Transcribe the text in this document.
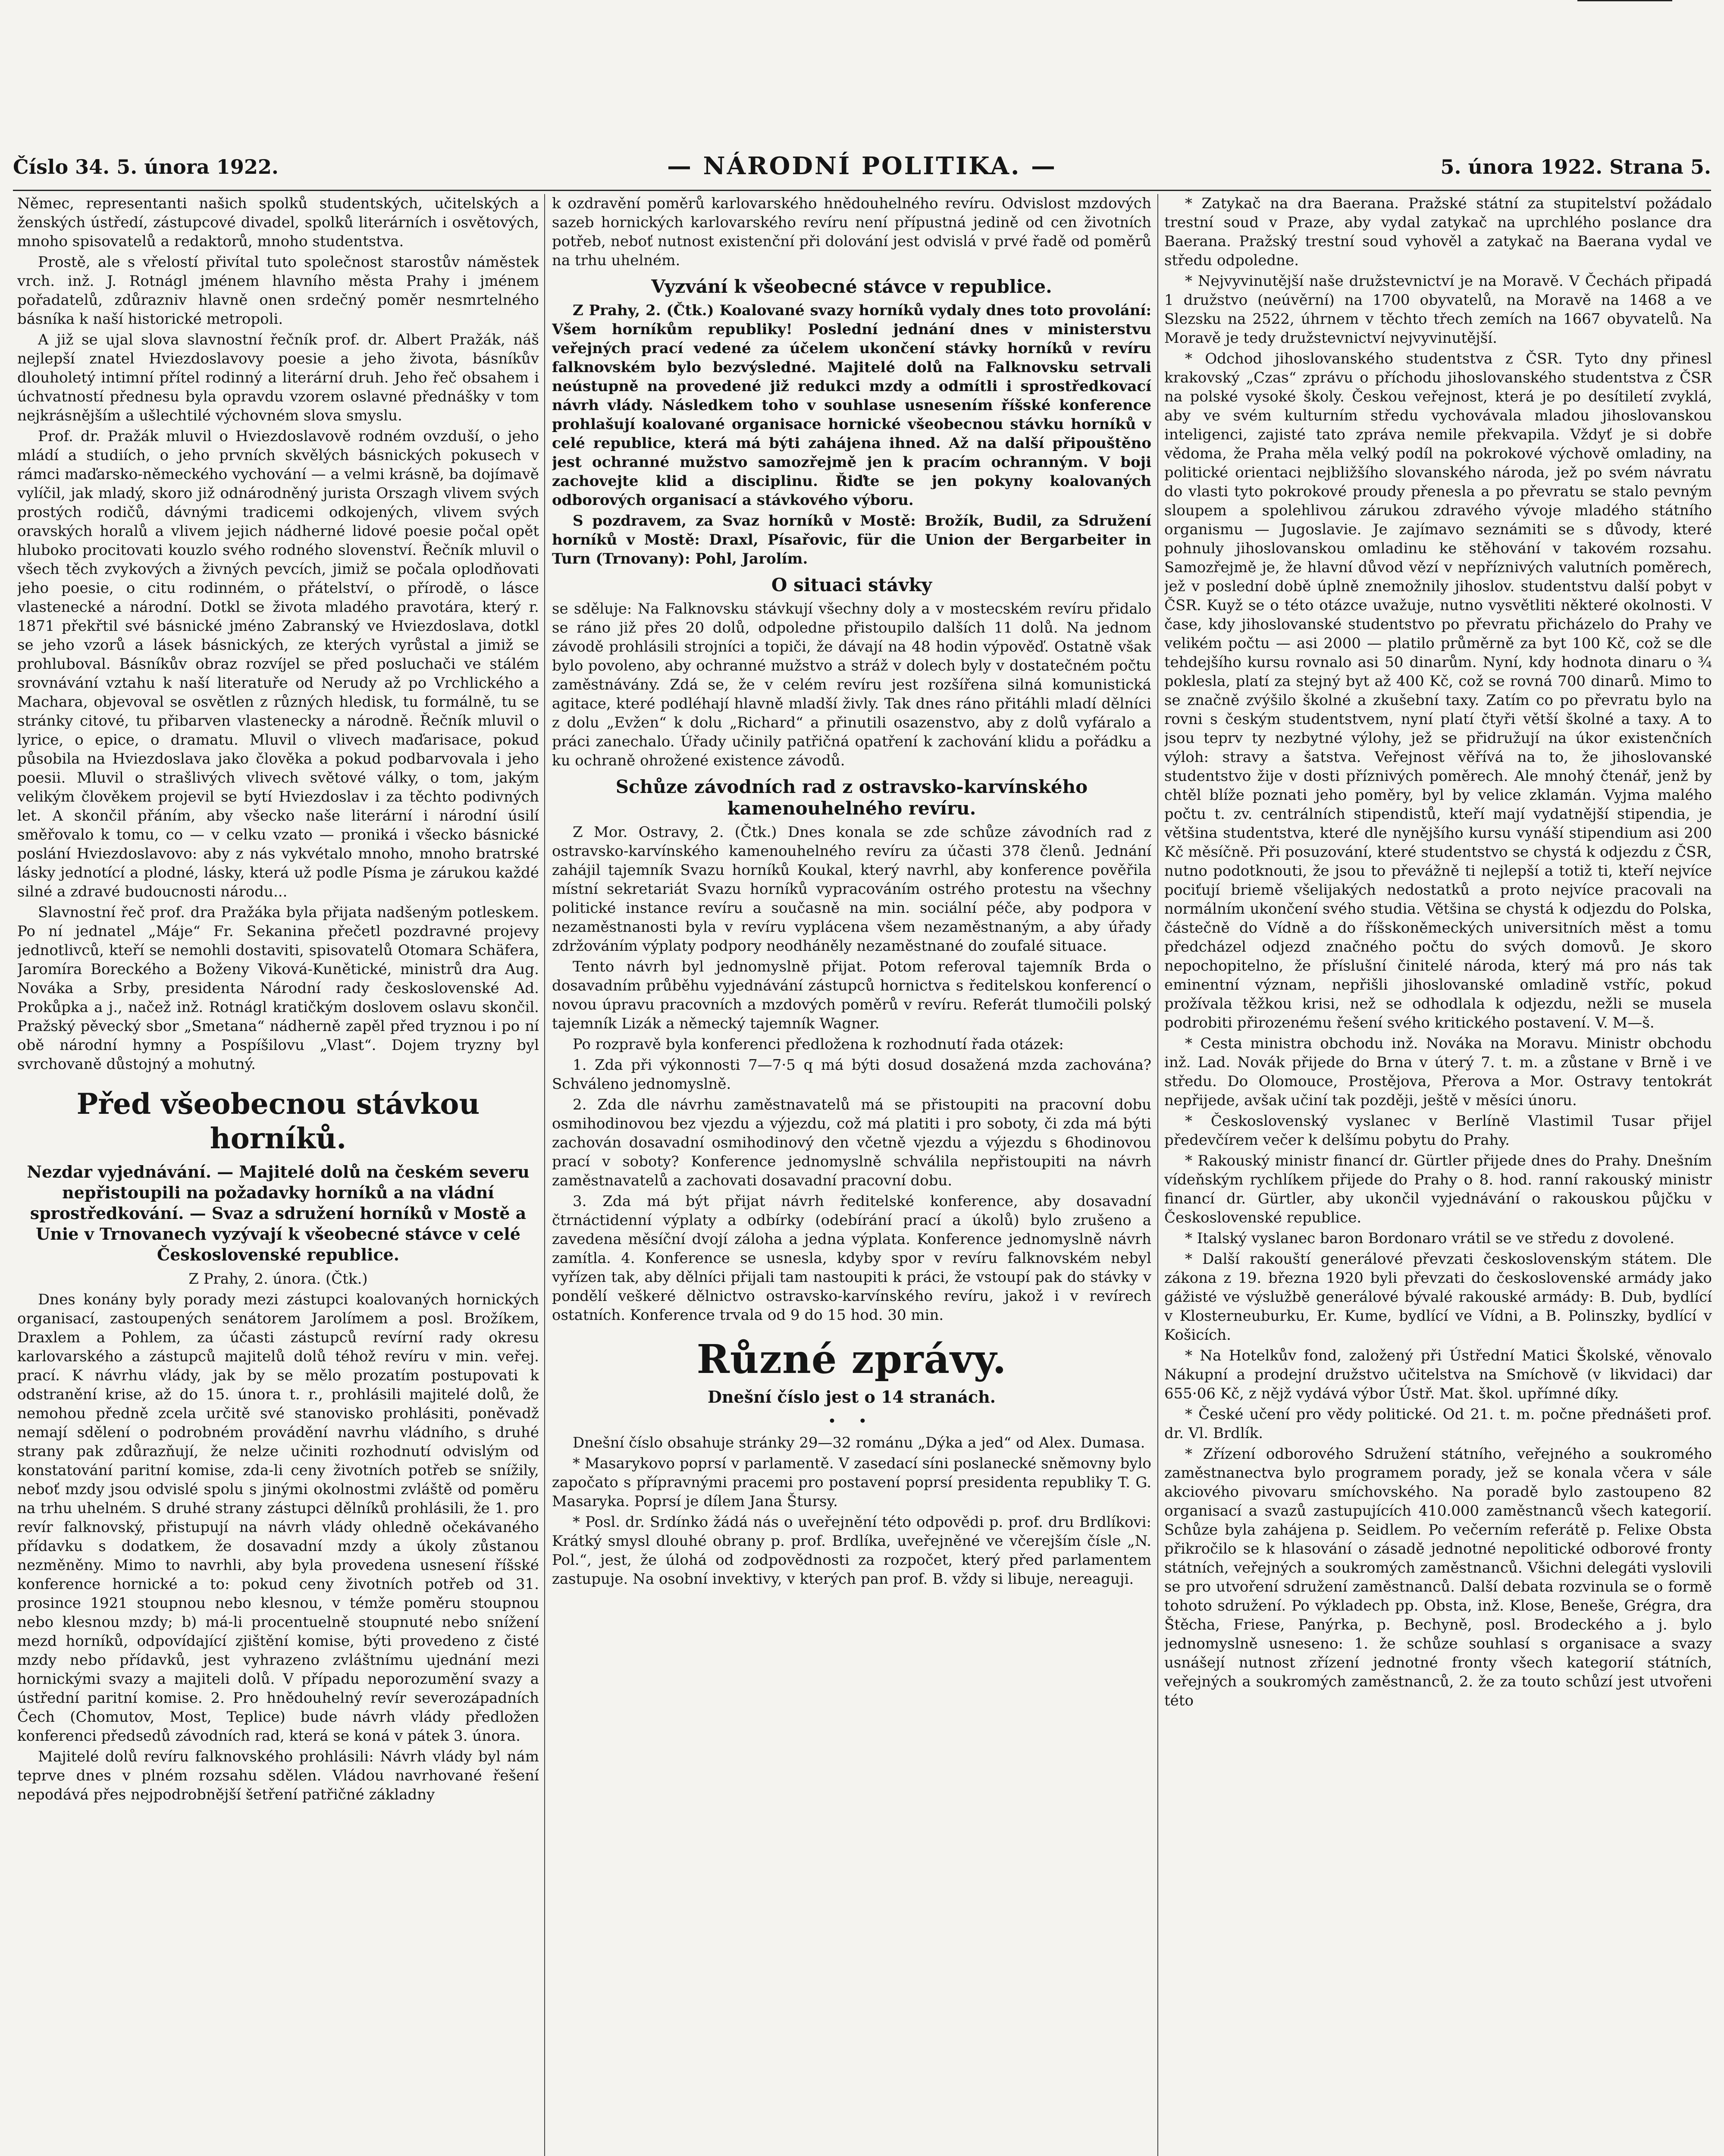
Číslo 34. 5. února 1922.	— NÁRODNÍ POLITIKA. —	5. února 1922. Strana 5.

Němec, representanti našich spolků studentských, učitelských a ženských ústředí, zástupcové divadel, spolků literárních i osvětových, mnoho spisovatelů a redaktorů, mnoho studentstva.

Prostě, ale s vřelostí přivítal tuto společnost starostův náměstek vrch. inž. J. Rotnágl jménem hlavního města Prahy i jménem pořadatelů, zdůrazniv hlavně onen srdečný poměr nesmrtelného básníka k naší historické metropoli.

A již se ujal slova slavnostní řečník prof. dr. Albert Pražák, náš nejlepší znatel Hviezdoslavovy poesie a jeho života, básníkův dlouholetý intimní přítel rodinný a literární druh. Jeho řeč obsahem i úchvatností přednesu byla opravdu vzorem oslavné přednášky v tom nejkrásnějším a ušlechtilé výchovném slova smyslu.

Prof. dr. Pražák mluvil o Hviezdoslavově rodném ovzduší, o jeho mládí a studiích, o jeho prvních skvělých básnických pokusech v rámci maďarsko-německého vychování — a velmi krásně, ba dojímavě vylíčil, jak mladý, skoro již odnárodněný jurista Orszagh vlivem svých prostých rodičů, dávnými tradicemi odkojených, vlivem svých oravských horalů a vlivem jejich nádherné lidové poesie počal opět hluboko procitovati kouzlo svého rodného slovenství. Řečník mluvil o všech těch zvykových a živných pevcích, jimiž se počala oplodňovati jeho poesie, o citu rodinném, o přátelství, o přírodě, o lásce vlastenecké a národní. Dotkl se života mladého pravotára, který r. 1871 překřtil své básnické jméno Zabranský ve Hviezdoslava, dotkl se jeho vzorů a lásek básnických, ze kterých vyrůstal a jimiž se prohluboval. Básníkův obraz rozvíjel se před posluchači ve stálém srovnávání vztahu k naší literatuře od Nerudy až po Vrchlického a Machara, objevoval se osvětlen z různých hledisk, tu formálně, tu se stránky citové, tu přibarven vlastenecky a národně. Řečník mluvil o lyrice, o epice, o dramatu. Mluvil o vlivech maďarisace, pokud působila na Hviezdoslava jako člověka a pokud podbarvovala i jeho poesii. Mluvil o strašlivých vlivech světové války, o tom, jakým velikým člověkem projevil se bytí Hviezdoslav i za těchto podivných let. A skončil přáním, aby všecko naše literární i národní úsilí směřovalo k tomu, co — v celku vzato — proniká i všecko básnické poslání Hviezdoslavovo: aby z nás vykvétalo mnoho, mnoho bratrské lásky jednotící a plodné, lásky, která už podle Písma je zárukou každé silné a zdravé budoucnosti národu...

Slavnostní řeč prof. dra Pražáka byla přijata nadšeným potleskem. Po ní jednatel „Máje“ Fr. Sekanina přečetl pozdravné projevy jednotlivců, kteří se nemohli dostaviti, spisovatelů Otomara Schäfera, Jaromíra Boreckého a Boženy Viková-Kunětické, ministrů dra Aug. Nováka a Srby, presidenta Národní rady československé Ad. Prokůpka a j., načež inž. Rotnágl kratičkým doslovem oslavu skončil. Pražský pěvecký sbor „Smetana“ nádherně zapěl před tryznou i po ní obě národní hymny a Pospíšilovu „Vlast“. Dojem tryzny byl svrchovaně důstojný a mohutný.

Před všeobecnou stávkou horníků.

Nezdar vyjednávání. — Majitelé dolů na českém severu nepřistoupili na požadavky horníků a na vládní sprostředkování. — Svaz a sdružení horníků v Mostě a Unie v Trnovanech vyzývají k všeobecné stávce v celé Československé republice.

Z Prahy, 2. února. (Čtk.)

Dnes konány byly porady mezi zástupci koalovaných hornických organisací, zastoupených senátorem Jarolímem a posl. Brožíkem, Draxlem a Pohlem, za účasti zástupců revírní rady okresu karlovarského a zástupců majitelů dolů téhož revíru v min. veřej. prací. K návrhu vlády, jak by se mělo prozatím postupovati k odstranění krise, až do 15. února t. r., prohlásili majitelé dolů, že nemohou předně zcela určitě své stanovisko prohlásiti, poněvadž nemají sdělení o podrobném provádění navrhu vládního, s druhé strany pak zdůrazňují, že nelze učiniti rozhodnutí odvislým od konstatování paritní komise, zda-li ceny životních potřeb se snížily, neboť mzdy jsou odvislé spolu s jinými okolnostmi zvláště od poměru na trhu uhelném. S druhé strany zástupci dělníků prohlásili, že 1. pro revír falknovský, přistupují na návrh vlády ohledně očekávaného přídavku s dodatkem, že dosavadní mzdy a úkoly zůstanou nezměněny. Mimo to navrhli, aby byla provedena usnesení říšské konference hornické a to: pokud ceny životních potřeb od 31. prosince 1921 stoupnou nebo klesnou, v témže poměru stoupnou nebo klesnou mzdy; b) má-li procentuelně stoupnuté nebo snížení mezd horníků, odpovídající zjištění komise, býti provedeno z čisté mzdy nebo přídavků, jest vyhrazeno zvláštnímu ujednání mezi hornickými svazy a majiteli dolů. V případu neporozumění svazy a ústřední paritní komise. 2. Pro hnědouhelný revír severozápadních Čech (Chomutov, Most, Teplice) bude návrh vlády předložen konferenci předsedů závodních rad, která se koná v pátek 3. února.

Majitelé dolů revíru falknovského prohlásili: Návrh vlády byl nám teprve dnes v plném rozsahu sdělen. Vládou navrhované řešení nepodává přes nejpodrobnější šetření patřičné základny

k ozdravění poměrů karlovarského hnědouhelného revíru. Odvislost mzdových sazeb hornických karlovarského revíru není přípustná jedině od cen životních potřeb, neboť nutnost existenční při dolování jest odvislá v prvé řadě od poměrů na trhu uhelném.

Vyzvání k všeobecné stávce v republice.

Z Prahy, 2. (Čtk.) Koalované svazy horníků vydaly dnes toto provolání: Všem horníkům republiky! Poslední jednání dnes v ministerstvu veřejných prací vedené za účelem ukončení stávky horníků v revíru falknovském bylo bezvýsledné. Majitelé dolů na Falknovsku setrvali neústupně na provedené již redukci mzdy a odmítli i sprostředkovací návrh vlády. Následkem toho v souhlase usnesením říšské konference prohlašují koalované organisace hornické všeobecnou stávku horníků v celé republice, která má býti zahájena ihned. Až na další připouštěno jest ochranné mužstvo samozřejmě jen k pracím ochranným. V boji zachovejte klid a disciplinu. Řiďte se jen pokyny koalovaných odborových organisací a stávkového výboru.

S pozdravem, za Svaz horníků v Mostě: Brožík, Budil, za Sdružení horníků v Mostě: Draxl, Písařovic, für die Union der Bergarbeiter in Turn (Trnovany): Pohl, Jarolím.

O situaci stávky

se sděluje: Na Falknovsku stávkují všechny doly a v mostecském revíru přidalo se ráno již přes 20 dolů, odpoledne přistoupilo dalších 11 dolů. Na jednom závodě prohlásili strojníci a topiči, že dávají na 48 hodin výpověď. Ostatně však bylo povoleno, aby ochranné mužstvo a stráž v dolech byly v dostatečném počtu zaměstnávány. Zdá se, že v celém revíru jest rozšířena silná komunistická agitace, které podléhají hlavně mladší živly. Tak dnes ráno přitáhli mladí dělníci z dolu „Evžen“ k dolu „Richard“ a přinutili osazenstvo, aby z dolů vyfáralo a práci zanechalo. Úřady učinily patřičná opatření k zachování klidu a pořádku a ku ochraně ohrožené existence závodů.

Schůze závodních rad z ostravsko-karvínského kamenouhelného revíru.

Z Mor. Ostravy, 2. (Čtk.) Dnes konala se zde schůze závodních rad z ostravsko-karvínského kamenouhelného revíru za účasti 378 členů. Jednání zahájil tajemník Svazu horníků Koukal, který navrhl, aby konference pověřila místní sekretariát Svazu horníků vypracováním ostrého protestu na všechny politické instance revíru a současně na min. sociální péče, aby podpora v nezaměstnanosti byla v revíru vyplácena všem nezaměstnaným, a aby úřady zdržováním výplaty podpory neodháněly nezaměstnané do zoufalé situace.

Tento návrh byl jednomyslně přijat. Potom referoval tajemník Brda o dosavadním průběhu vyjednávání zástupců hornictva s ředitelskou konferencí o novou úpravu pracovních a mzdových poměrů v revíru. Referát tlumočili polský tajemník Lizák a německý tajemník Wagner.

Po rozpravě byla konferenci předložena k rozhodnutí řada otázek:

1. Zda při výkonnosti 7—7·5 q má býti dosud dosažená mzda zachována? Schváleno jednomyslně.

2. Zda dle návrhu zaměstnavatelů má se přistoupiti na pracovní dobu osmihodinovou bez vjezdu a výjezdu, což má platiti i pro soboty, či zda má býti zachován dosavadní osmihodinový den včetně vjezdu a výjezdu s 6hodinovou prací v soboty? Konference jednomyslně schválila nepřistoupiti na návrh zaměstnavatelů a zachovati dosavadní pracovní dobu.

3. Zda má být přijat návrh ředitelské konference, aby dosavadní čtrnáctidenní výplaty a odbírky (odebírání prací a úkolů) bylo zrušeno a zavedena měsíční dvojí záloha a jedna výplata. Konference jednomyslně návrh zamítla. 4. Konference se usnesla, kdyby spor v revíru falknovském nebyl vyřízen tak, aby dělníci přijali tam nastoupiti k práci, že vstoupí pak do stávky v pondělí veškeré dělnictvo ostravsko-karvínského revíru, jakož i v revírech ostatních. Konference trvala od 9 do 15 hod. 30 min.

Různé zprávy.

Dnešní číslo jest o 14 stranách.

• •

Dnešní číslo obsahuje stránky 29—32 románu „Dýka a jed“ od Alex. Dumasa.

* Masarykovo poprsí v parlamentě. V zasedací síni poslanecké sněmovny bylo započato s přípravnými pracemi pro postavení poprsí presidenta republiky T. G. Masaryka. Poprsí je dílem Jana Štursy.

* Posl. dr. Srdínko žádá nás o uveřejnění této odpovědi p. prof. dru Brdlíkovi: Krátký smysl dlouhé obrany p. prof. Brdlíka, uveřejněné ve včerejším čísle „N. Pol.“, jest, že úlohá od zodpovědnosti za rozpočet, který před parlamentem zastupuje. Na osobní invektivy, v kterých pan prof. B. vždy si libuje, nereaguji.

* Zatykač na dra Baerana. Pražské státní za stupitelství požádalo trestní soud v Praze, aby vydal zatykač na uprchlého poslance dra Baerana. Pražský trestní soud vyhověl a zatykač na Baerana vydal ve středu odpoledne.

* Nejvyvinutější naše družstevnictví je na Moravě. V Čechách připadá 1 družstvo (neúvěrní) na 1700 obyvatelů, na Moravě na 1468 a ve Slezsku na 2522, úhrnem v těchto třech zemích na 1667 obyvatelů. Na Moravě je tedy družstevnictví nejvyvinutější.

* Odchod jihoslovanského studentstva z ČSR. Tyto dny přinesl krakovský „Czas“ zprávu o příchodu jihoslovanského studentstva z ČSR na polské vysoké školy. Českou veřejnost, která je po desítiletí zvyklá, aby ve svém kulturním středu vychovávala mladou jihoslovanskou inteligenci, zajisté tato zpráva nemile překvapila. Vždyť je si dobře vědoma, že Praha měla velký podíl na pokrokové výchově omladiny, na politické orientaci nejbližšího slovanského národa, jež po svém návratu do vlasti tyto pokrokové proudy přenesla a po převratu se stalo pevným sloupem a spolehlivou zárukou zdravého vývoje mladého státního organismu — Jugoslavie. Je zajímavo seznámiti se s důvody, které pohnuly jihoslovanskou omladinu ke stěhování v takovém rozsahu. Samozřejmě je, že hlavní důvod vězí v nepříznivých valutních poměrech, jež v poslední době úplně znemožnily jihoslov. studentstvu další pobyt v ČSR. Kuyž se o této otázce uvažuje, nutno vysvětliti některé okolnosti. V čase, kdy jihoslovanské studentstvo po převratu přicházelo do Prahy ve velikém počtu — asi 2000 — platilo průměrně za byt 100 Kč, což se dle tehdejšího kursu rovnalo asi 50 dinarům. Nyní, kdy hodnota dinaru o ¾ poklesla, platí za stejný byt až 400 Kč, což se rovná 700 dinarů. Mimo to se značně zvýšilo školné a zkušební taxy. Zatím co po převratu bylo na rovni s českým studentstvem, nyní platí čtyři větší školné a taxy. A to jsou teprv ty nezbytné výlohy, jež se přidružují na úkor existenčních výloh: stravy a šatstva. Veřejnost věřívá na to, že jihoslovanské studentstvo žije v dosti příznivých poměrech. Ale mnohý čtenář, jenž by chtěl blíže poznati jeho poměry, byl by velice zklamán. Vyjma malého počtu t. zv. centrálních stipendistů, kteří mají vydatnější stipendia, je většina studentstva, které dle nynějšího kursu vynáší stipendium asi 200 Kč měsíčně. Při posuzování, které studentstvo se chystá k odjezdu z ČSR, nutno podotknouti, že jsou to převážně ti nejlepší a totiž ti, kteří nejvíce pociťují briemě všelijakých nedostatků a proto nejvíce pracovali na normálním ukončení svého studia. Většina se chystá k odjezdu do Polska, částečně do Vídně a do říšskoněmeckých universitních měst a tomu předcházel odjezd značného počtu do svých domovů. Je skoro nepochopitelno, že příslušní činitelé národa, který má pro nás tak eminentní význam, nepřišli jihoslovanské omladině vstříc, pokud prožívala těžkou krisi, než se odhodlala k odjezdu, nežli se musela podrobiti přirozenému řešení svého kritického postavení. V. M—š.

* Cesta ministra obchodu inž. Nováka na Moravu. Ministr obchodu inž. Lad. Novák přijede do Brna v úterý 7. t. m. a zůstane v Brně i ve středu. Do Olomouce, Prostějova, Přerova a Mor. Ostravy tentokrát nepřijede, avšak učiní tak později, ještě v měsíci únoru.

* Československý vyslanec v Berlíně Vlastimil Tusar přijel předevčírem večer k delšímu pobytu do Prahy.

* Rakouský ministr financí dr. Gürtler přijede dnes do Prahy. Dnešním vídeňským rychlíkem přijede do Prahy o 8. hod. ranní rakouský ministr financí dr. Gürtler, aby ukončil vyjednávání o rakouskou půjčku v Československé republice.

* Italský vyslanec baron Bordonaro vrátil se ve středu z dovolené.

* Další rakouští generálové převzati československým státem. Dle zákona z 19. března 1920 byli převzati do československé armády jako gážisté ve výslužbě generálové bývalé rakouské armády: B. Dub, bydlící v Klosterneuburku, Er. Kume, bydlící ve Vídni, a B. Polinszky, bydlící v Košicích.

* Na Hotelkův fond, založený při Ústřední Matici Školské, věnovalo Nákupní a prodejní družstvo učitelstva na Smíchově (v likvidaci) dar 655·06 Kč, z nějž vydává výbor Ústř. Mat. škol. upřímné díky.

* České učení pro vědy politické. Od 21. t. m. počne přednášeti prof. dr. Vl. Brdlík.

* Zřízení odborového Sdružení státního, veřejného a soukromého zaměstnanectva bylo programem porady, jež se konala včera v sále akciového pivovaru smíchovského. Na poradě bylo zastoupeno 82 organisací a svazů zastupujících 410.000 zaměstnanců všech kategorií. Schůze byla zahájena p. Seidlem. Po večerním referátě p. Felixe Obsta přikročilo se k hlasování o zásadě jednotné nepolitické odborové fronty státních, veřejných a soukromých zaměstnanců. Všichni delegáti vyslovili se pro utvoření sdružení zaměstnanců. Další debata rozvinula se o formě tohoto sdružení. Po výkladech pp. Obsta, inž. Klose, Beneše, Grégra, dra Štěcha, Friese, Panýrka, p. Bechyně, posl. Brodeckého a j. bylo jednomyslně usneseno: 1. že schůze souhlasí s organisace a svazy usnášejí nutnost zřízení jednotné fronty všech kategorií státních, veřejných a soukromých zaměstnanců, 2. že za touto schůzí jest utvořeni této
